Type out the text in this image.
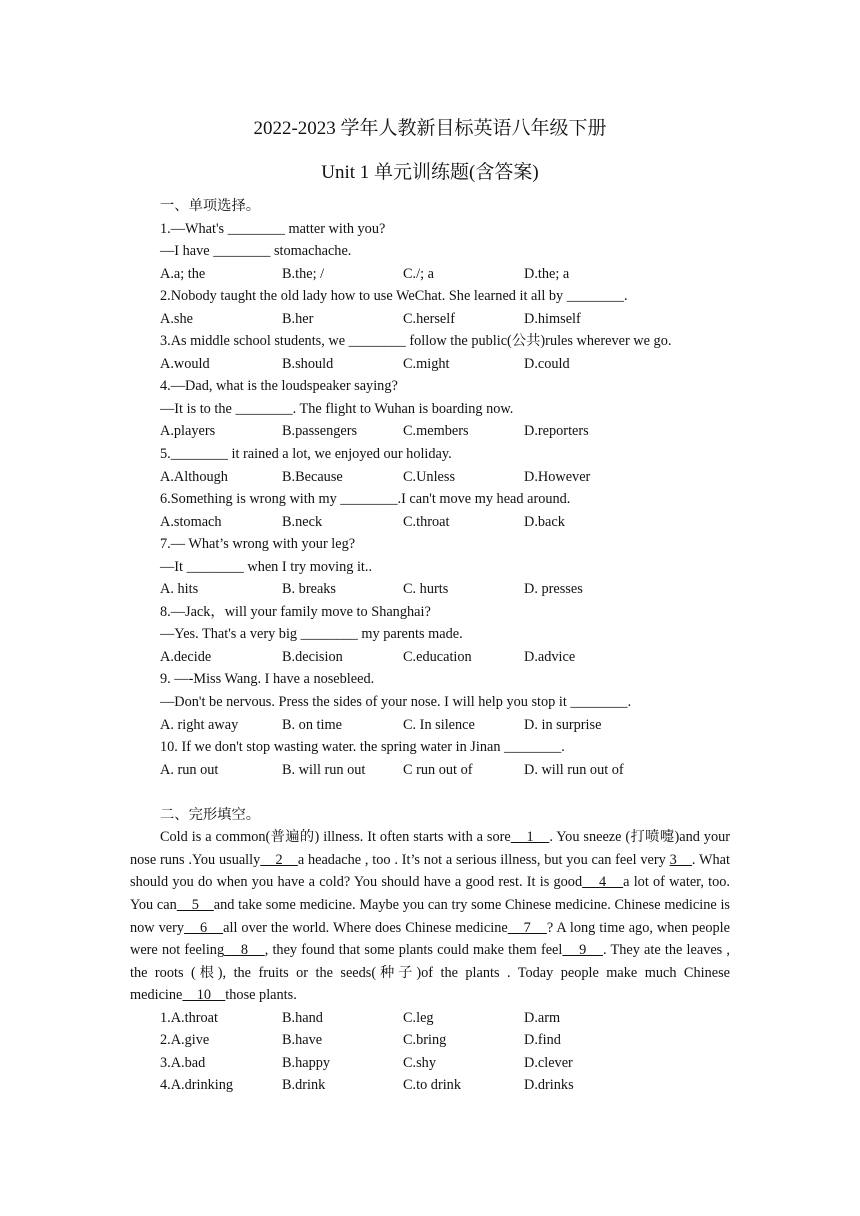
2022-2023 学年人教新目标英语八年级下册
Unit 1 单元训练题(含答案)
一、单项选择。
1.—What's ________ matter with you?
—I have ________ stomachache.
A.a; the	B.the; /	C./; a	D.the; a
2.Nobody taught the old lady how to use WeChat. She learned it all by ________.
A.she	B.her	C.herself	D.himself
3.As middle school students, we ________ follow the public(公共)rules wherever we go.
A.would	B.should	C.might	D.could
4.—Dad, what is the loudspeaker saying?
—It is to the ________. The flight to Wuhan is boarding now.
A.players	B.passengers	C.members	D.reporters
5.________ it rained a lot, we enjoyed our holiday.
A.Although	B.Because	C.Unless	D.However
6.Something is wrong with my ________.I can't move my head around.
A.stomach	B.neck	C.throat	D.back
7.— What’s wrong with your leg?
—It ________ when I try moving it..
A. hits	B. breaks	C. hurts	D. presses
8.—Jack，will your family move to Shanghai?
—Yes. That's a very big ________ my parents made.
A.decide	B.decision	C.education	D.advice
9. —-Miss Wang. I have a nosebleed.
—Don't be nervous. Press the sides of your nose. I will help you stop it ________.
A. right away	B. on time	C. In silence	D. in surprise
10. If we don't stop wasting water. the spring water in Jinan ________.
A. run out	B. will run out	C run out of	D. will run out of
二、完形填空。
Cold is a common(普遍的) illness. It often starts with a sore    1    . You sneeze (打喷嚏)and your nose runs .You usually    2    a headache , too . It’s not a serious illness, but you can feel very 3    . What should you do when you have a cold? You should have a good rest. It is good    4    a lot of water, too. You can    5    and take some medicine. Maybe you can try some Chinese medicine. Chinese medicine is now very    6    all over the world. Where does Chinese medicine    7    ? A long time ago, when people were not feeling    8    , they found that some plants could make them feel    9    . They ate the leaves , the roots (根), the fruits or the seeds(种子)of the plants . Today people make much Chinese medicine    10    those plants.
1.A.throat	B.hand	C.leg	D.arm
2.A.give	B.have	C.bring	D.find
3.A.bad	B.happy	C.shy	D.clever
4.A.drinking	B.drink	C.to drink	D.drinks
